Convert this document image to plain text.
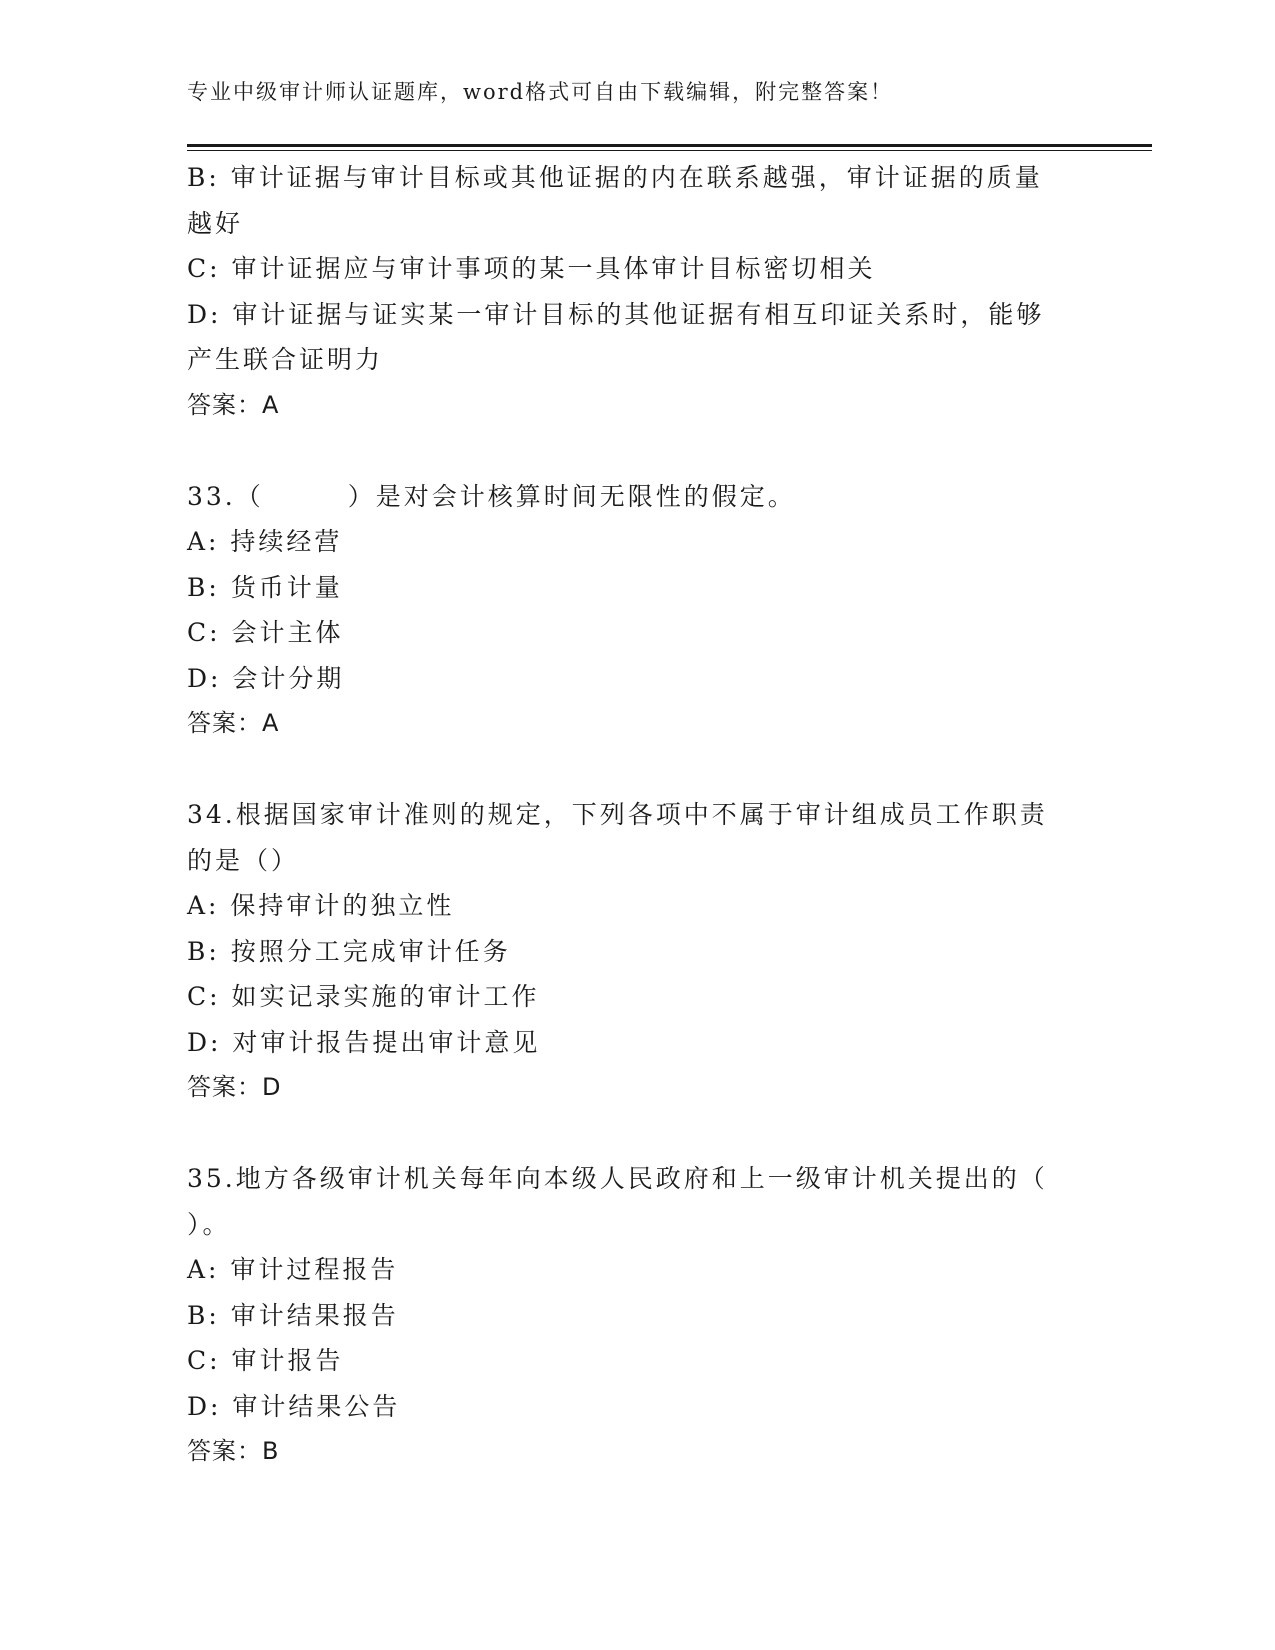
专业中级审计师认证题库，word格式可自由下载编辑，附完整答案！
B: 审计证据与审计目标或其他证据的内在联系越强，审计证据的质量
越好
C: 审计证据应与审计事项的某一具体审计目标密切相关
D: 审计证据与证实某一审计目标的其他证据有相互印证关系时，能够
产生联合证明力
答案：A
33.（　　　）是对会计核算时间无限性的假定。
A: 持续经营
B: 货币计量
C: 会计主体
D: 会计分期
答案：A
34.根据国家审计准则的规定，下列各项中不属于审计组成员工作职责
的是（）
A: 保持审计的独立性
B: 按照分工完成审计任务
C: 如实记录实施的审计工作
D: 对审计报告提出审计意见
答案：D
35.地方各级审计机关每年向本级人民政府和上一级审计机关提出的（
）。
A: 审计过程报告
B: 审计结果报告
C: 审计报告
D: 审计结果公告
答案：B
